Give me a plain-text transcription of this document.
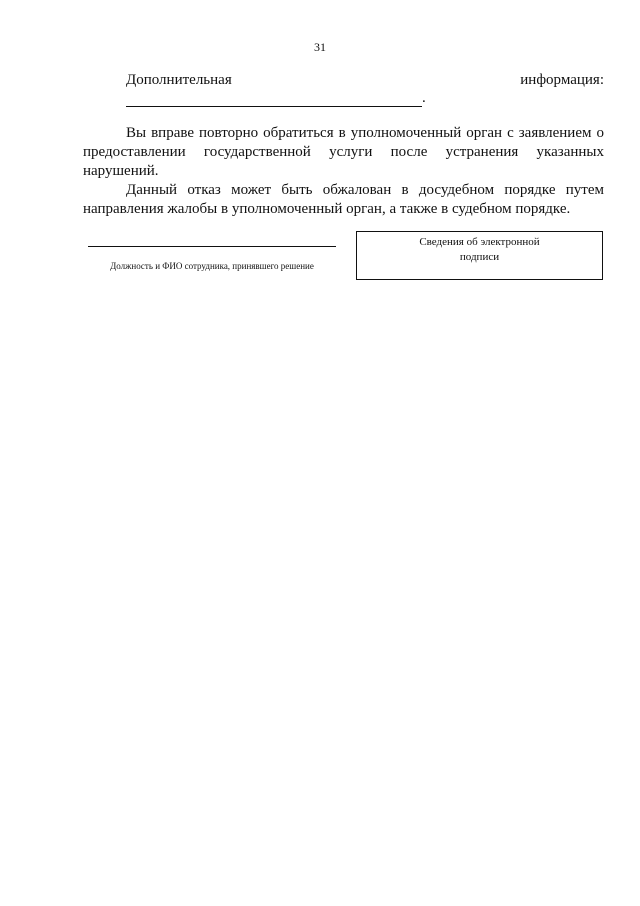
31
Дополнительная	информация:
.

Вы вправе повторно обратиться в уполномоченный орган с заявлением о предоставлении государственной услуги после устранения указанных нарушений.

Данный отказ может быть обжалован в досудебном порядке путем направления жалобы в уполномоченный орган, а также в судебном порядке.

Должность и ФИО сотрудника, принявшего решение
Сведения об электронной подписи
